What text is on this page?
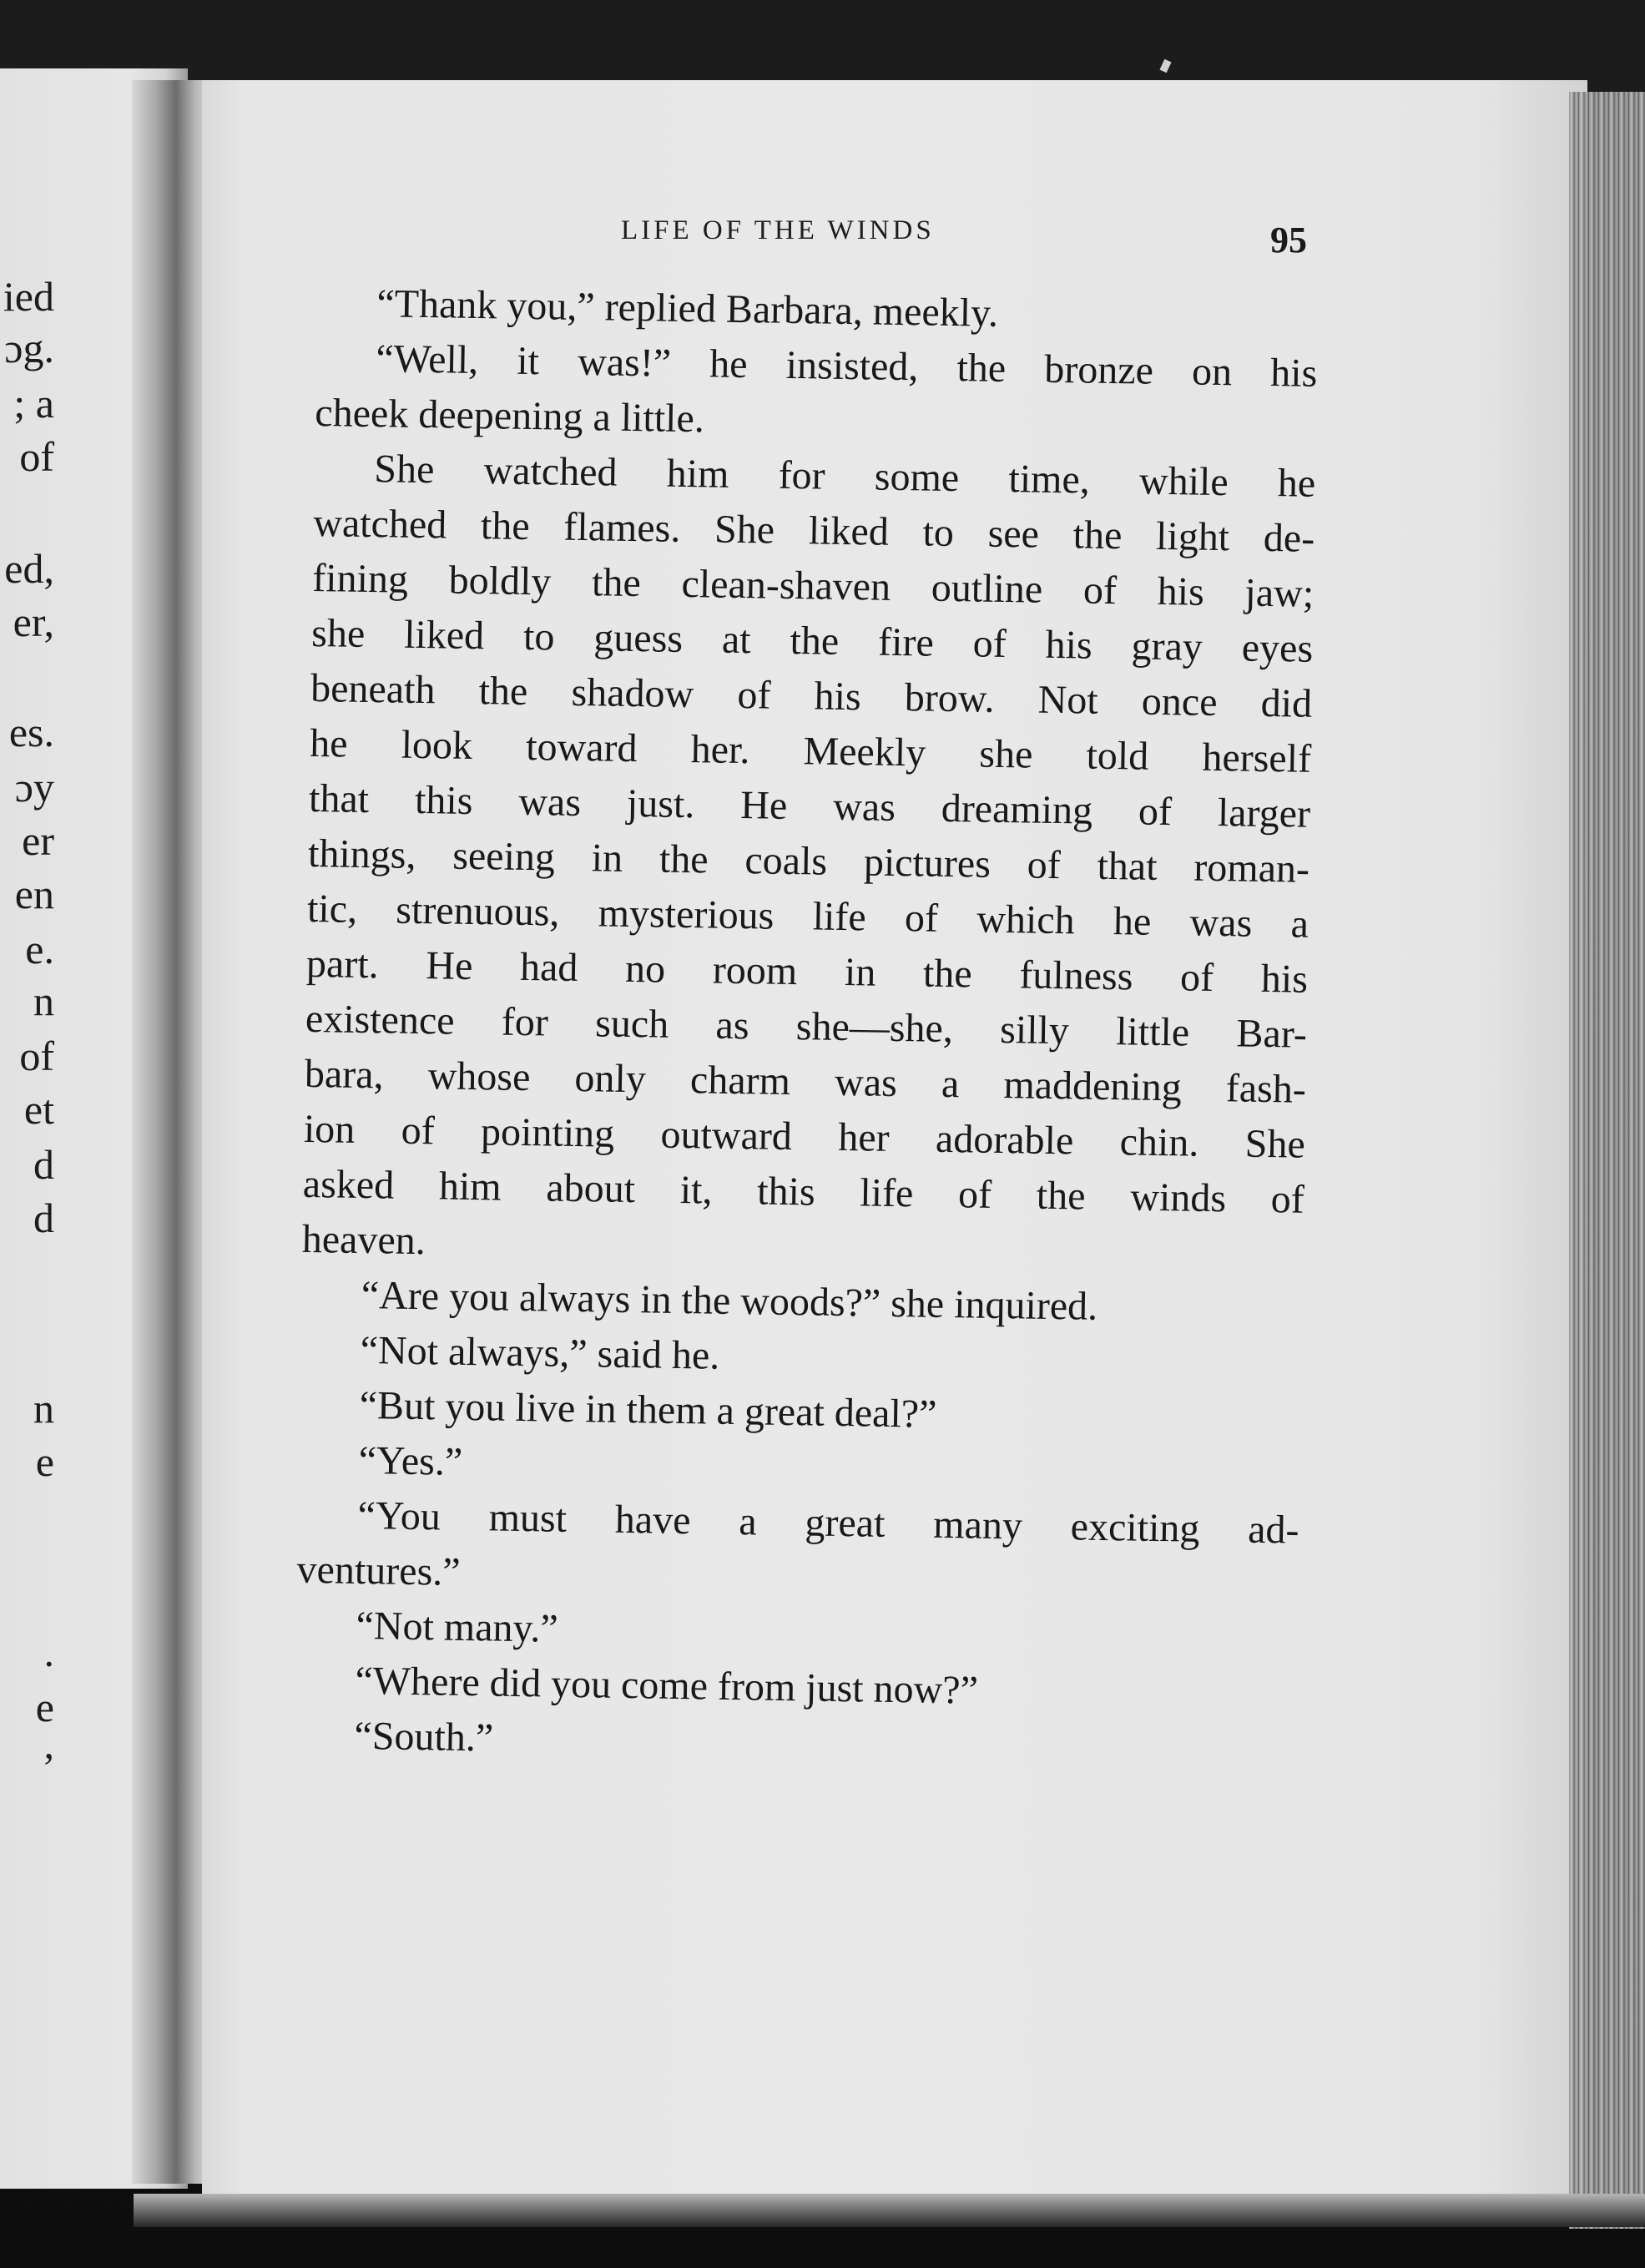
ied

ɔg.

; a

of

ed,

er,

es.

ɔy

er

en

e.

n

of

et

d

d

n

e

.

e

,

LIFE OF THE WINDS	95

“Thank you,” replied Barbara, meekly.
“Well, it was!” he insisted, the bronze on his
cheek deepening a little.
She watched him for some time, while he
watched the flames. She liked to see the light de-
fining boldly the clean-shaven outline of his jaw;
she liked to guess at the fire of his gray eyes
beneath the shadow of his brow. Not once did
he look toward her. Meekly she told herself
that this was just. He was dreaming of larger
things, seeing in the coals pictures of that roman-
tic, strenuous, mysterious life of which he was a
part. He had no room in the fulness of his
existence for such as she—she, silly little Bar-
bara, whose only charm was a maddening fash-
ion of pointing outward her adorable chin. She
asked him about it, this life of the winds of
heaven.
“Are you always in the woods?” she inquired.
“Not always,” said he.
“But you live in them a great deal?”
“Yes.”
“You must have a great many exciting ad-
ventures.”
“Not many.”
“Where did you come from just now?”
“South.”
